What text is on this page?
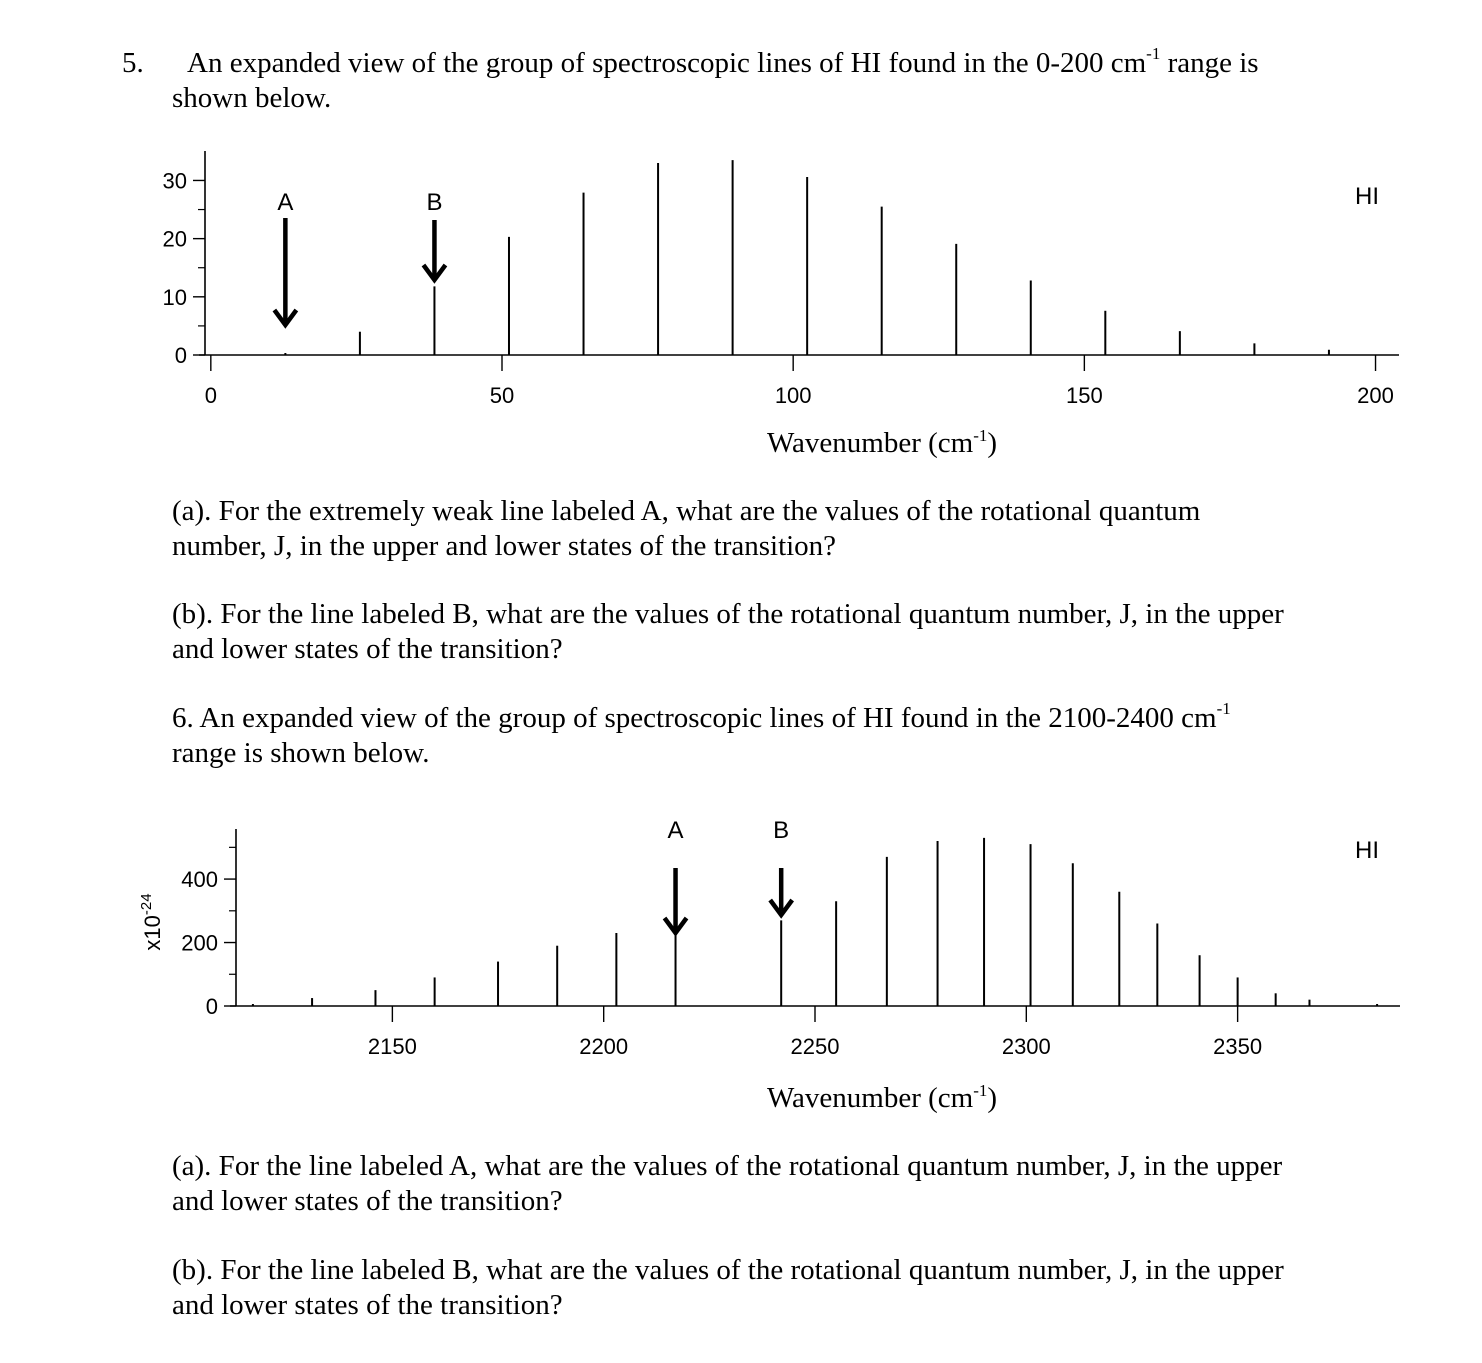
5. An expanded view of the group of spectroscopic lines of HI found in the 0-200 $cm^{-1}$ range is

shown below.

(a). For the extremely weak line labeled A, what are the values of the rotational quantum

number, J, in the upper and lower states of the transition?

(b). For the line labeled B, what are the values of the rotational quantum number, J, in the upper

and lower states of the transition?

6. An expanded view of the group of spectroscopic lines of HI found in the 2100-2400 $cm^{-1}$

range is shown below.

(a). For the line labeled A, what are the values of the rotational quantum number, J, in the upper

and lower states of the transition?

(b). For the line labeled B, what are the values of the rotational quantum number, J, in the upper

and lower states of the transition?

0	50	100	150	200
0
10
20
30
HI
A	B
Wavenumber $(cm^{-1})$
2150	2200	2250	2300	2350
0
200
400
HI
A	B
Wavenumber $(cm^{-1})$
$x10^{-24}$
